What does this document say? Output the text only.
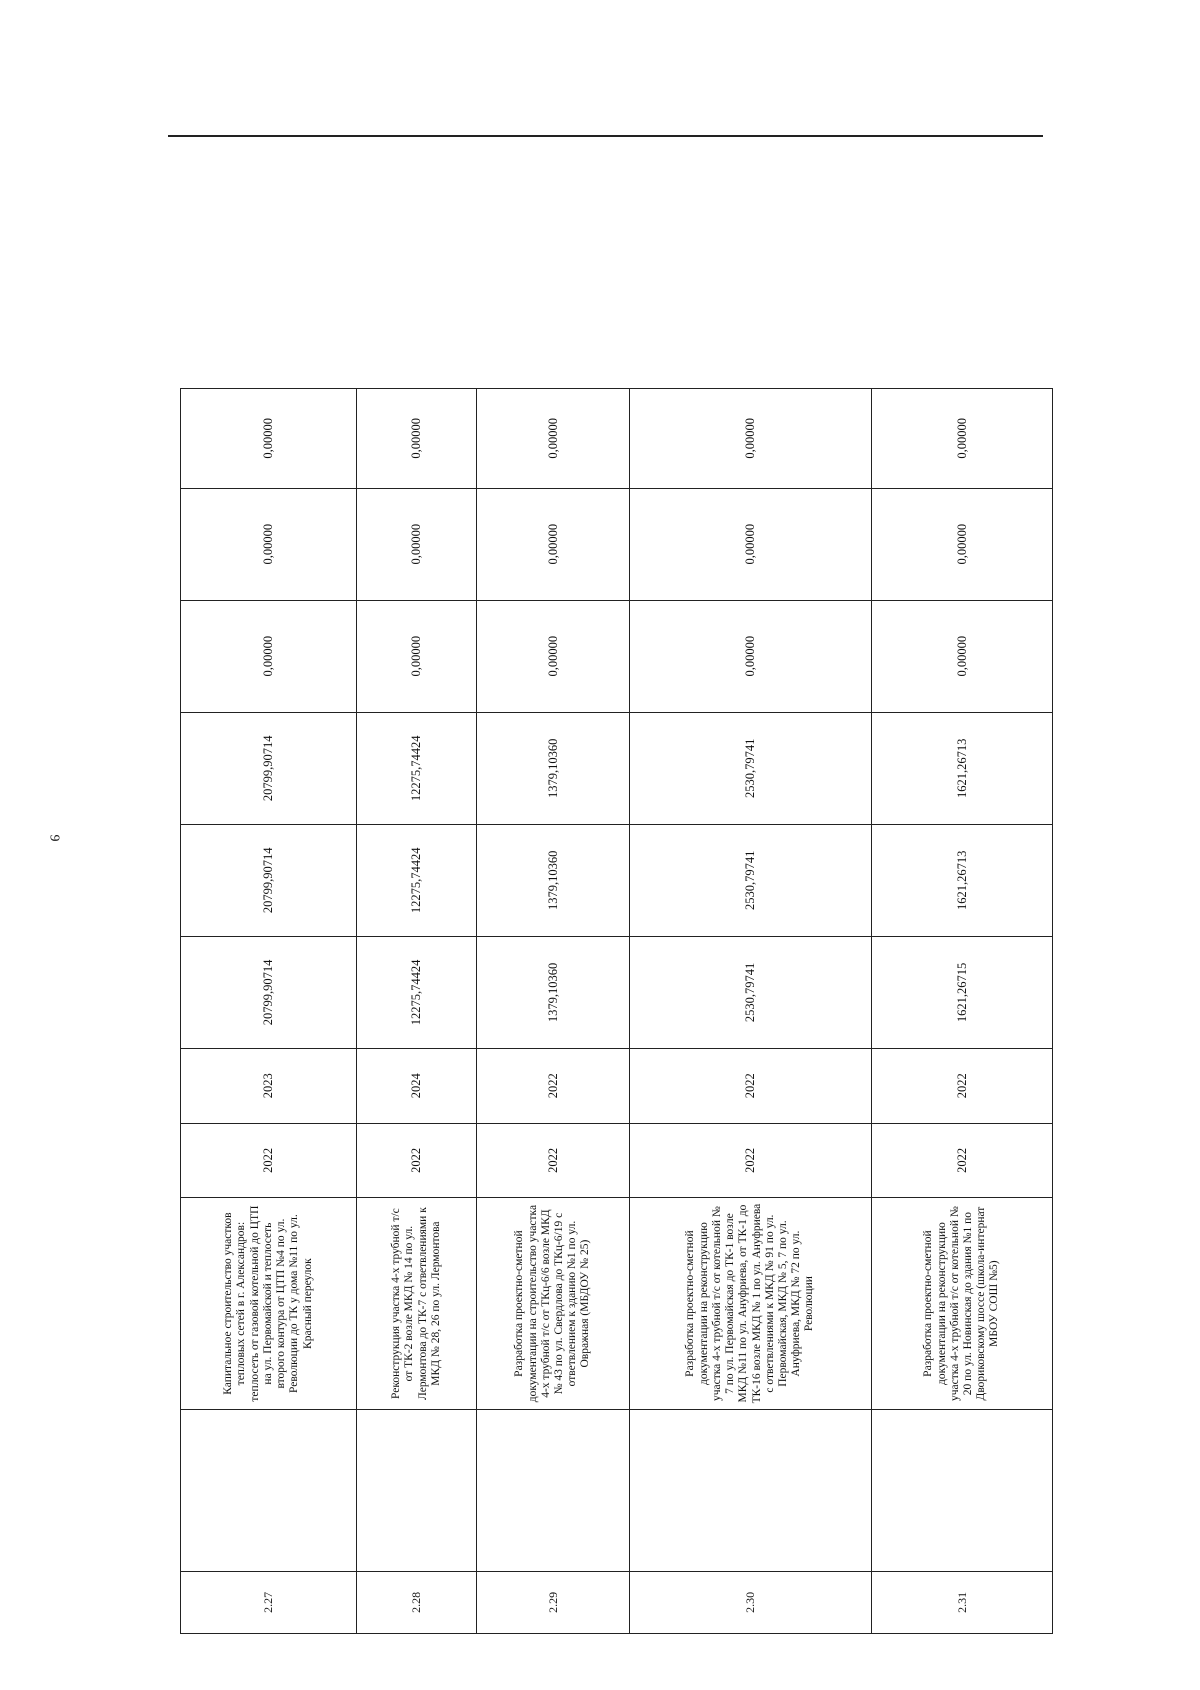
9
2.27		Капитальное строительство участков тепловых сетей в г. Александров: теплосеть от газовой котельной до ЦТП на ул. Первомайской и теплосеть второго контура от ЦТП №4 по ул. Революции до ТК у дома №11 по ул. Красный переулок	2022	2023	20799,90714	20799,90714	20799,90714	0,00000	0,00000	0,00000
2.28		Реконструкция участка 4-х трубной т/с от ТК-2 возле МКД № 14 по ул. Лермонтова до ТК-7 с ответвлениями к МКД № 28, 26 по ул. Лермонтова	2022	2024	12275,74424	12275,74424	12275,74424	0,00000	0,00000	0,00000
2.29		Разработка проектно-сметной документации на строительство участка 4-х трубной т/с от ТКц-6/6 возле МКД № 43 по ул. Свердлова до ТКц-6/19 с ответвлением к зданию №1 по ул. Овражная (МБДОУ № 25)	2022	2022	1379,10360	1379,10360	1379,10360	0,00000	0,00000	0,00000
2.30		Разработка проектно-сметной документации на реконструкцию участка 4-х трубной т/с от котельной № 7 по ул. Первомайская до ТК-1 возле МКД №11 по ул. Ануфриева, от ТК-1 до ТК-16 возле МКД № 1 по ул. Ануфриева с ответвлениями к МКД № 91 по ул. Первомайская, МКД № 5, 7 по ул. Ануфриева, МКД № 72 по ул. Революции	2022	2022	2530,79741	2530,79741	2530,79741	0,00000	0,00000	0,00000
2.31		Разработка проектно-сметной документации на реконструкцию участка 4-х трубной т/с от котельной № 20 по ул. Новинская до здания №1 по Двориковскому шоссе (школа-интернат МБОУ СОШ №5)	2022	2022	1621,26715	1621,26713	1621,26713	0,00000	0,00000	0,00000
